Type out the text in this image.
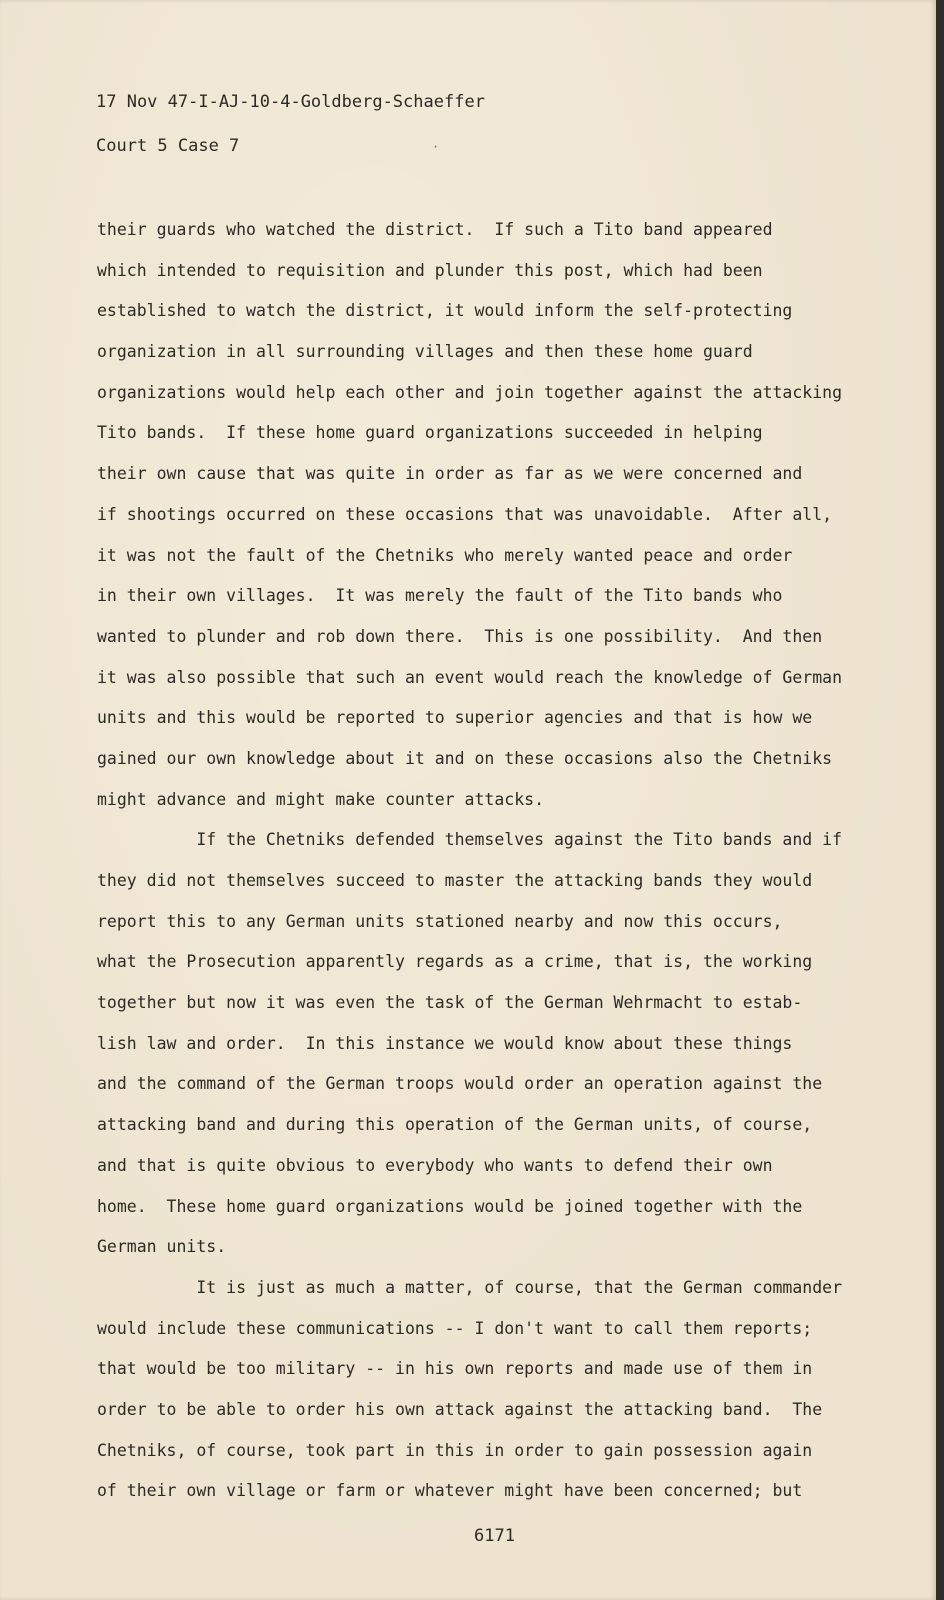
17 Nov 47-I-AJ-10-4-Goldberg-Schaeffer
Court 5 Case 7	·
their guards who watched the district.  If such a Tito band appeared
which intended to requisition and plunder this post, which had been
established to watch the district, it would inform the self-protecting
organization in all surrounding villages and then these home guard
organizations would help each other and join together against the attacking
Tito bands.  If these home guard organizations succeeded in helping
their own cause that was quite in order as far as we were concerned and
if shootings occurred on these occasions that was unavoidable.  After all,
it was not the fault of the Chetniks who merely wanted peace and order
in their own villages.  It was merely the fault of the Tito bands who
wanted to plunder and rob down there.  This is one possibility.  And then
it was also possible that such an event would reach the knowledge of German
units and this would be reported to superior agencies and that is how we
gained our own knowledge about it and on these occasions also the Chetniks
might advance and might make counter attacks.
If the Chetniks defended themselves against the Tito bands and if
they did not themselves succeed to master the attacking bands they would
report this to any German units stationed nearby and now this occurs,
what the Prosecution apparently regards as a crime, that is, the working
together but now it was even the task of the German Wehrmacht to estab-
lish law and order.  In this instance we would know about these things
and the command of the German troops would order an operation against the
attacking band and during this operation of the German units, of course,
and that is quite obvious to everybody who wants to defend their own
home.  These home guard organizations would be joined together with the
German units.
It is just as much a matter, of course, that the German commander
would include these communications -- I don't want to call them reports;
that would be too military -- in his own reports and made use of them in
order to be able to order his own attack against the attacking band.  The
Chetniks, of course, took part in this in order to gain possession again
of their own village or farm or whatever might have been concerned; but
6171
